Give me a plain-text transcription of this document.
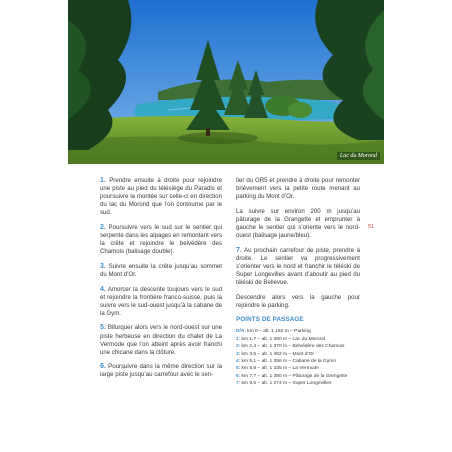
Lac du Morond

1. Prendre ensuite à droite pour rejoindre une piste au pied du télésiège du Paradis et poursuivre la montée sur celle-ci en direction du lac du Morond que l’on contourne par le sud.

2. Poursuivre vers le sud sur le sentier qui serpente dans les alpages en remontant vers la crête et rejoindre le belvédère des Chamois (balisage double).

3. Suivre ensuite la crête jusqu’au sommet du Mont d’Or.

4. Amorcer la descente toujours vers le sud et rejoindre la frontière franco-suisse, puis la suivre vers le sud-ouest jusqu’à la cabane de la Gym.

5. Bifurquer alors vers le nord-ouest sur une piste herbeuse en direction du chalet de La Vermode que l’on atteint après avoir franchi une chicane dans la clôture.

6. Poursuivre dans la même direction sur la large piste jusqu’au carrefour avec le sen-

tier du GR5 et prendre à droite pour remonter brièvement vers la petite route menant au parking du Mont d’Or.

La suivre sur environ 200 m jusqu’au pâturage de la Grangette et emprunter à gauche le sentier qui s’oriente vers le nord-ouest (balisage jaune/bleu).

7. Au prochain carrefour de piste, prendre à droite. Le sentier va progressivement s’orienter vers le nord et franchir le téléski de Super Longevilles avant d’aboutir au pied du téléski de Bellevue.

Descendre alors vers la gauche pour rejoindre le parking.

POINTS DE PASSAGE
D/A: km 0 – alt. 1 192 m – Parking
1: km 1,7 – alt. 1 350 m – Lac du Morond
2: km 2,4 – alt. 1 370 m – Belvédère des Chamois
3: km 3,5 – alt. 1 462 m – Mont d’Or
4: km 5,1 – alt. 1 366 m – Cabane de la Gymn
5: km 5,9 – alt. 1 335 m – La Vermode
6: km 7,7 – alt. 1 380 m – Pâturage de la Grengette
7: km 9,5 – alt. 1 274 m – Super Longevilles
51
